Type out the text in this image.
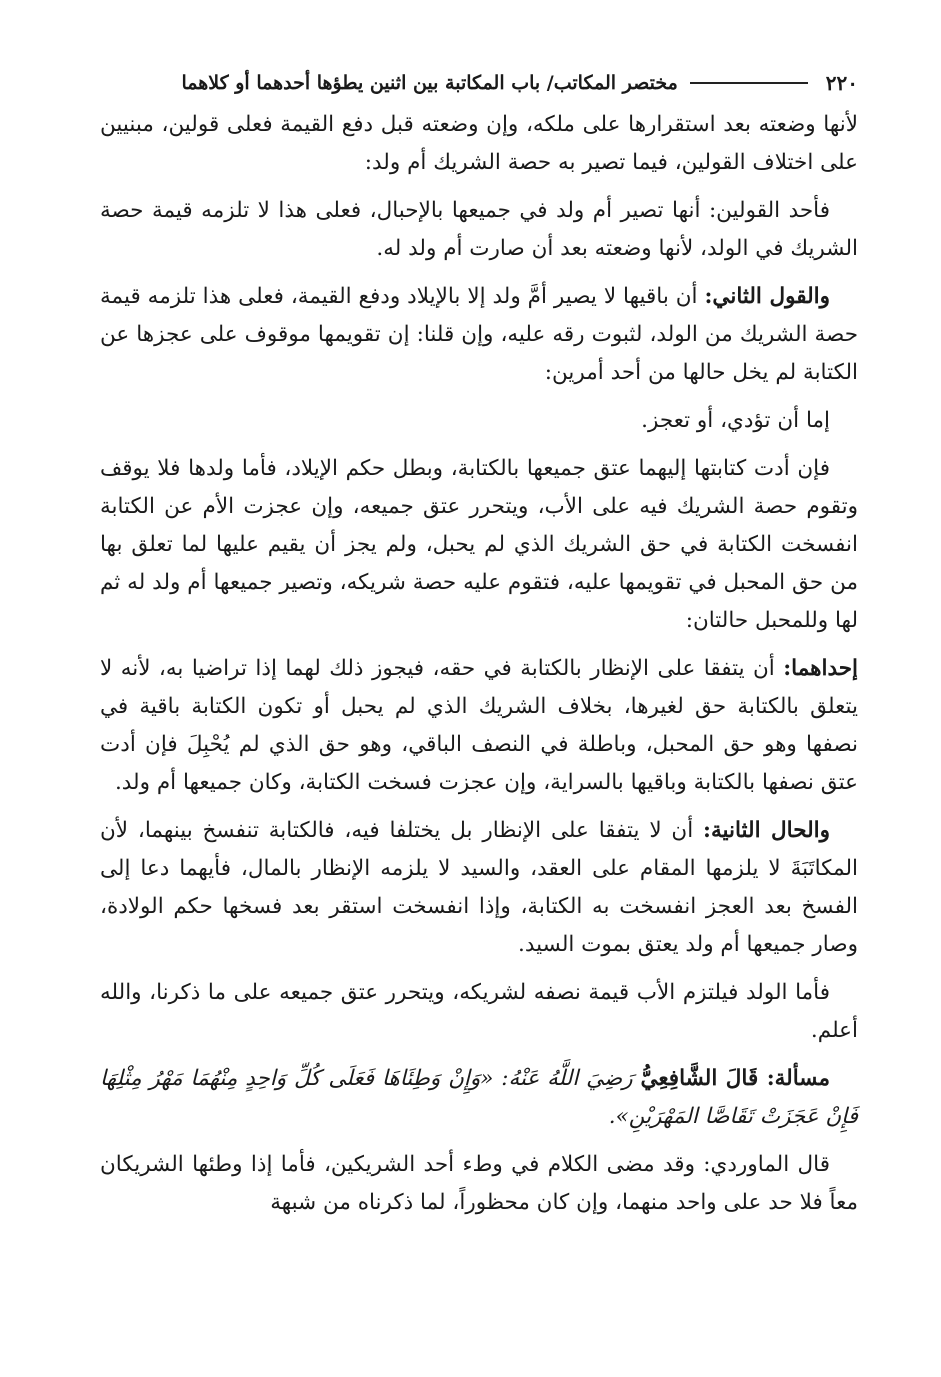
٢٢٠
مختصر المكاتب/ باب المكاتبة بين اثنين يطؤها أحدهما أو كلاهما

لأنها وضعته بعد استقرارها على ملكه، وإن وضعته قبل دفع القيمة فعلى قولين، مبنيين على اختلاف القولين، فيما تصير به حصة الشريك أم ولد:

فأحد القولين: أنها تصير أم ولد في جميعها بالإحبال، فعلى هذا لا تلزمه قيمة حصة الشريك في الولد، لأنها وضعته بعد أن صارت أم ولد له.

والقول الثاني: أن باقيها لا يصير أمَّ ولد إلا بالإيلاد ودفع القيمة، فعلى هذا تلزمه قيمة حصة الشريك من الولد، لثبوت رقه عليه، وإن قلنا: إن تقويمها موقوف على عجزها عن الكتابة لم يخل حالها من أحد أمرين:

إما أن تؤدي، أو تعجز.

فإن أدت كتابتها إليهما عتق جميعها بالكتابة، وبطل حكم الإيلاد، فأما ولدها فلا يوقف وتقوم حصة الشريك فيه على الأب، ويتحرر عتق جميعه، وإن عجزت الأم عن الكتابة انفسخت الكتابة في حق الشريك الذي لم يحبل، ولم يجز أن يقيم عليها لما تعلق بها من حق المحبل في تقويمها عليه، فتقوم عليه حصة شريكه، وتصير جميعها أم ولد له ثم لها وللمحبل حالتان:

إحداهما: أن يتفقا على الإنظار بالكتابة في حقه، فيجوز ذلك لهما إذا تراضيا به، لأنه لا يتعلق بالكتابة حق لغيرها، بخلاف الشريك الذي لم يحبل أو تكون الكتابة باقية في نصفها وهو حق المحبل، وباطلة في النصف الباقي، وهو حق الذي لم يُحْبِلَ فإن أدت عتق نصفها بالكتابة وباقيها بالسراية، وإن عجزت فسخت الكتابة، وكان جميعها أم ولد.

والحال الثانية: أن لا يتفقا على الإنظار بل يختلفا فيه، فالكتابة تنفسخ بينهما، لأن المكاتَبَةَ لا يلزمها المقام على العقد، والسيد لا يلزمه الإنظار بالمال، فأيهما دعا إلى الفسخ بعد العجز انفسخت به الكتابة، وإذا انفسخت استقر بعد فسخها حكم الولادة، وصار جميعها أم ولد يعتق بموت السيد.

فأما الولد فيلتزم الأب قيمة نصفه لشريكه، ويتحرر عتق جميعه على ما ذكرنا، والله أعلم.

مسألة: قَالَ الشَّافِعِيُّ رَضِيَ اللَّهُ عَنْهُ: «وَإِنْ وَطِئَاهَا فَعَلَى كُلِّ وَاحِدٍ مِنْهُمَا مَهْرُ مِثْلِهَا فَإِنْ عَجَزَتْ تَقَاصَّا المَهْرَيْنِ».

قال الماوردي: وقد مضى الكلام في وطء أحد الشريكين، فأما إذا وطئها الشريكان معاً فلا حد على واحد منهما، وإن كان محظوراً، لما ذكرناه من شبهة
